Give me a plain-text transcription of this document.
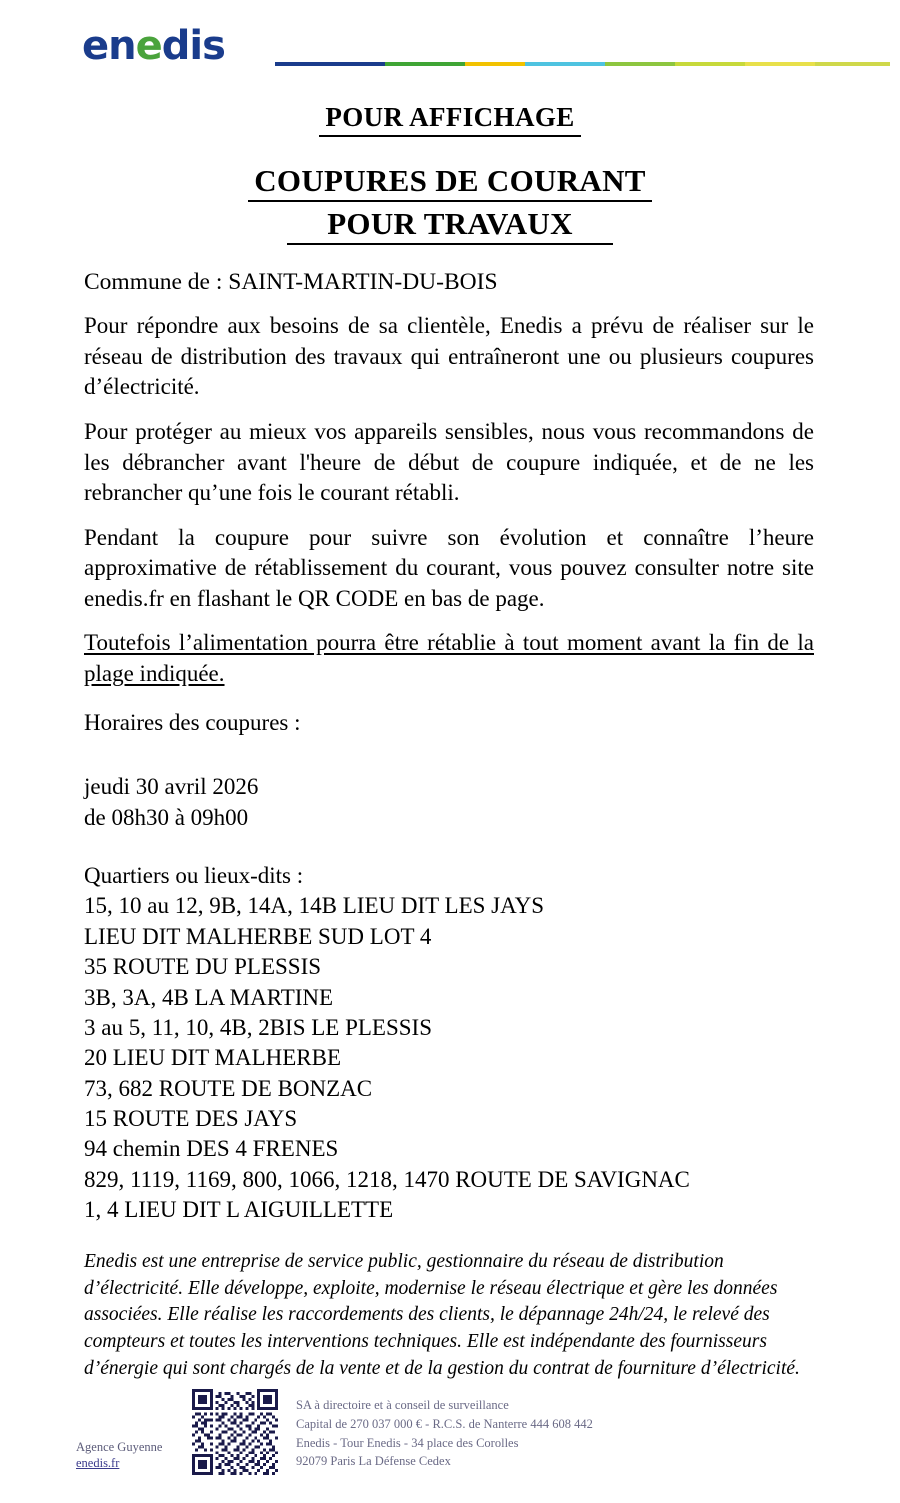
enedis
POUR AFFICHAGE
COUPURES DE COURANT
POUR TRAVAUX
Commune de : SAINT-MARTIN-DU-BOIS

Pour répondre aux besoins de sa clientèle, Enedis a prévu de réaliser sur le réseau de distribution des travaux qui entraîneront une ou plusieurs coupures d’électricité.

Pour protéger au mieux vos appareils sensibles, nous vous recommandons de les débrancher avant l'heure de début de coupure indiquée, et de ne les rebrancher qu’une fois le courant rétabli.

Pendant la coupure pour suivre son évolution et connaître l’heure approximative de rétablissement du courant, vous pouvez consulter notre site enedis.fr en flashant le QR CODE en bas de page.

Toutefois l’alimentation pourra être rétablie à tout moment avant la fin de la plage indiquée.

Horaires des coupures :
jeudi 30 avril 2026
de 08h30 à 09h00
Quartiers ou lieux-dits :
15, 10 au 12, 9B, 14A, 14B LIEU DIT LES JAYS
LIEU DIT MALHERBE SUD LOT 4
35 ROUTE DU PLESSIS
3B, 3A, 4B LA MARTINE
3 au 5, 11, 10, 4B, 2BIS LE PLESSIS
20 LIEU DIT MALHERBE
73, 682 ROUTE DE BONZAC
15 ROUTE DES JAYS
94 chemin DES 4 FRENES
829, 1119, 1169, 800, 1066, 1218, 1470 ROUTE DE SAVIGNAC
1, 4 LIEU DIT L AIGUILLETTE
Enedis est une entreprise de service public, gestionnaire du réseau de distribution d’électricité. Elle développe, exploite, modernise le réseau électrique et gère les données associées. Elle réalise les raccordements des clients, le dépannage 24h/24, le relevé des compteurs et toutes les interventions techniques. Elle est indépendante des fournisseurs d’énergie qui sont chargés de la vente et de la gestion du contrat de fourniture d’électricité.
Agence Guyenne
enedis.fr
SA à directoire et à conseil de surveillance
Capital de 270 037 000 € - R.C.S. de Nanterre 444 608 442
Enedis - Tour Enedis - 34 place des Corolles
92079 Paris La Défense Cedex
